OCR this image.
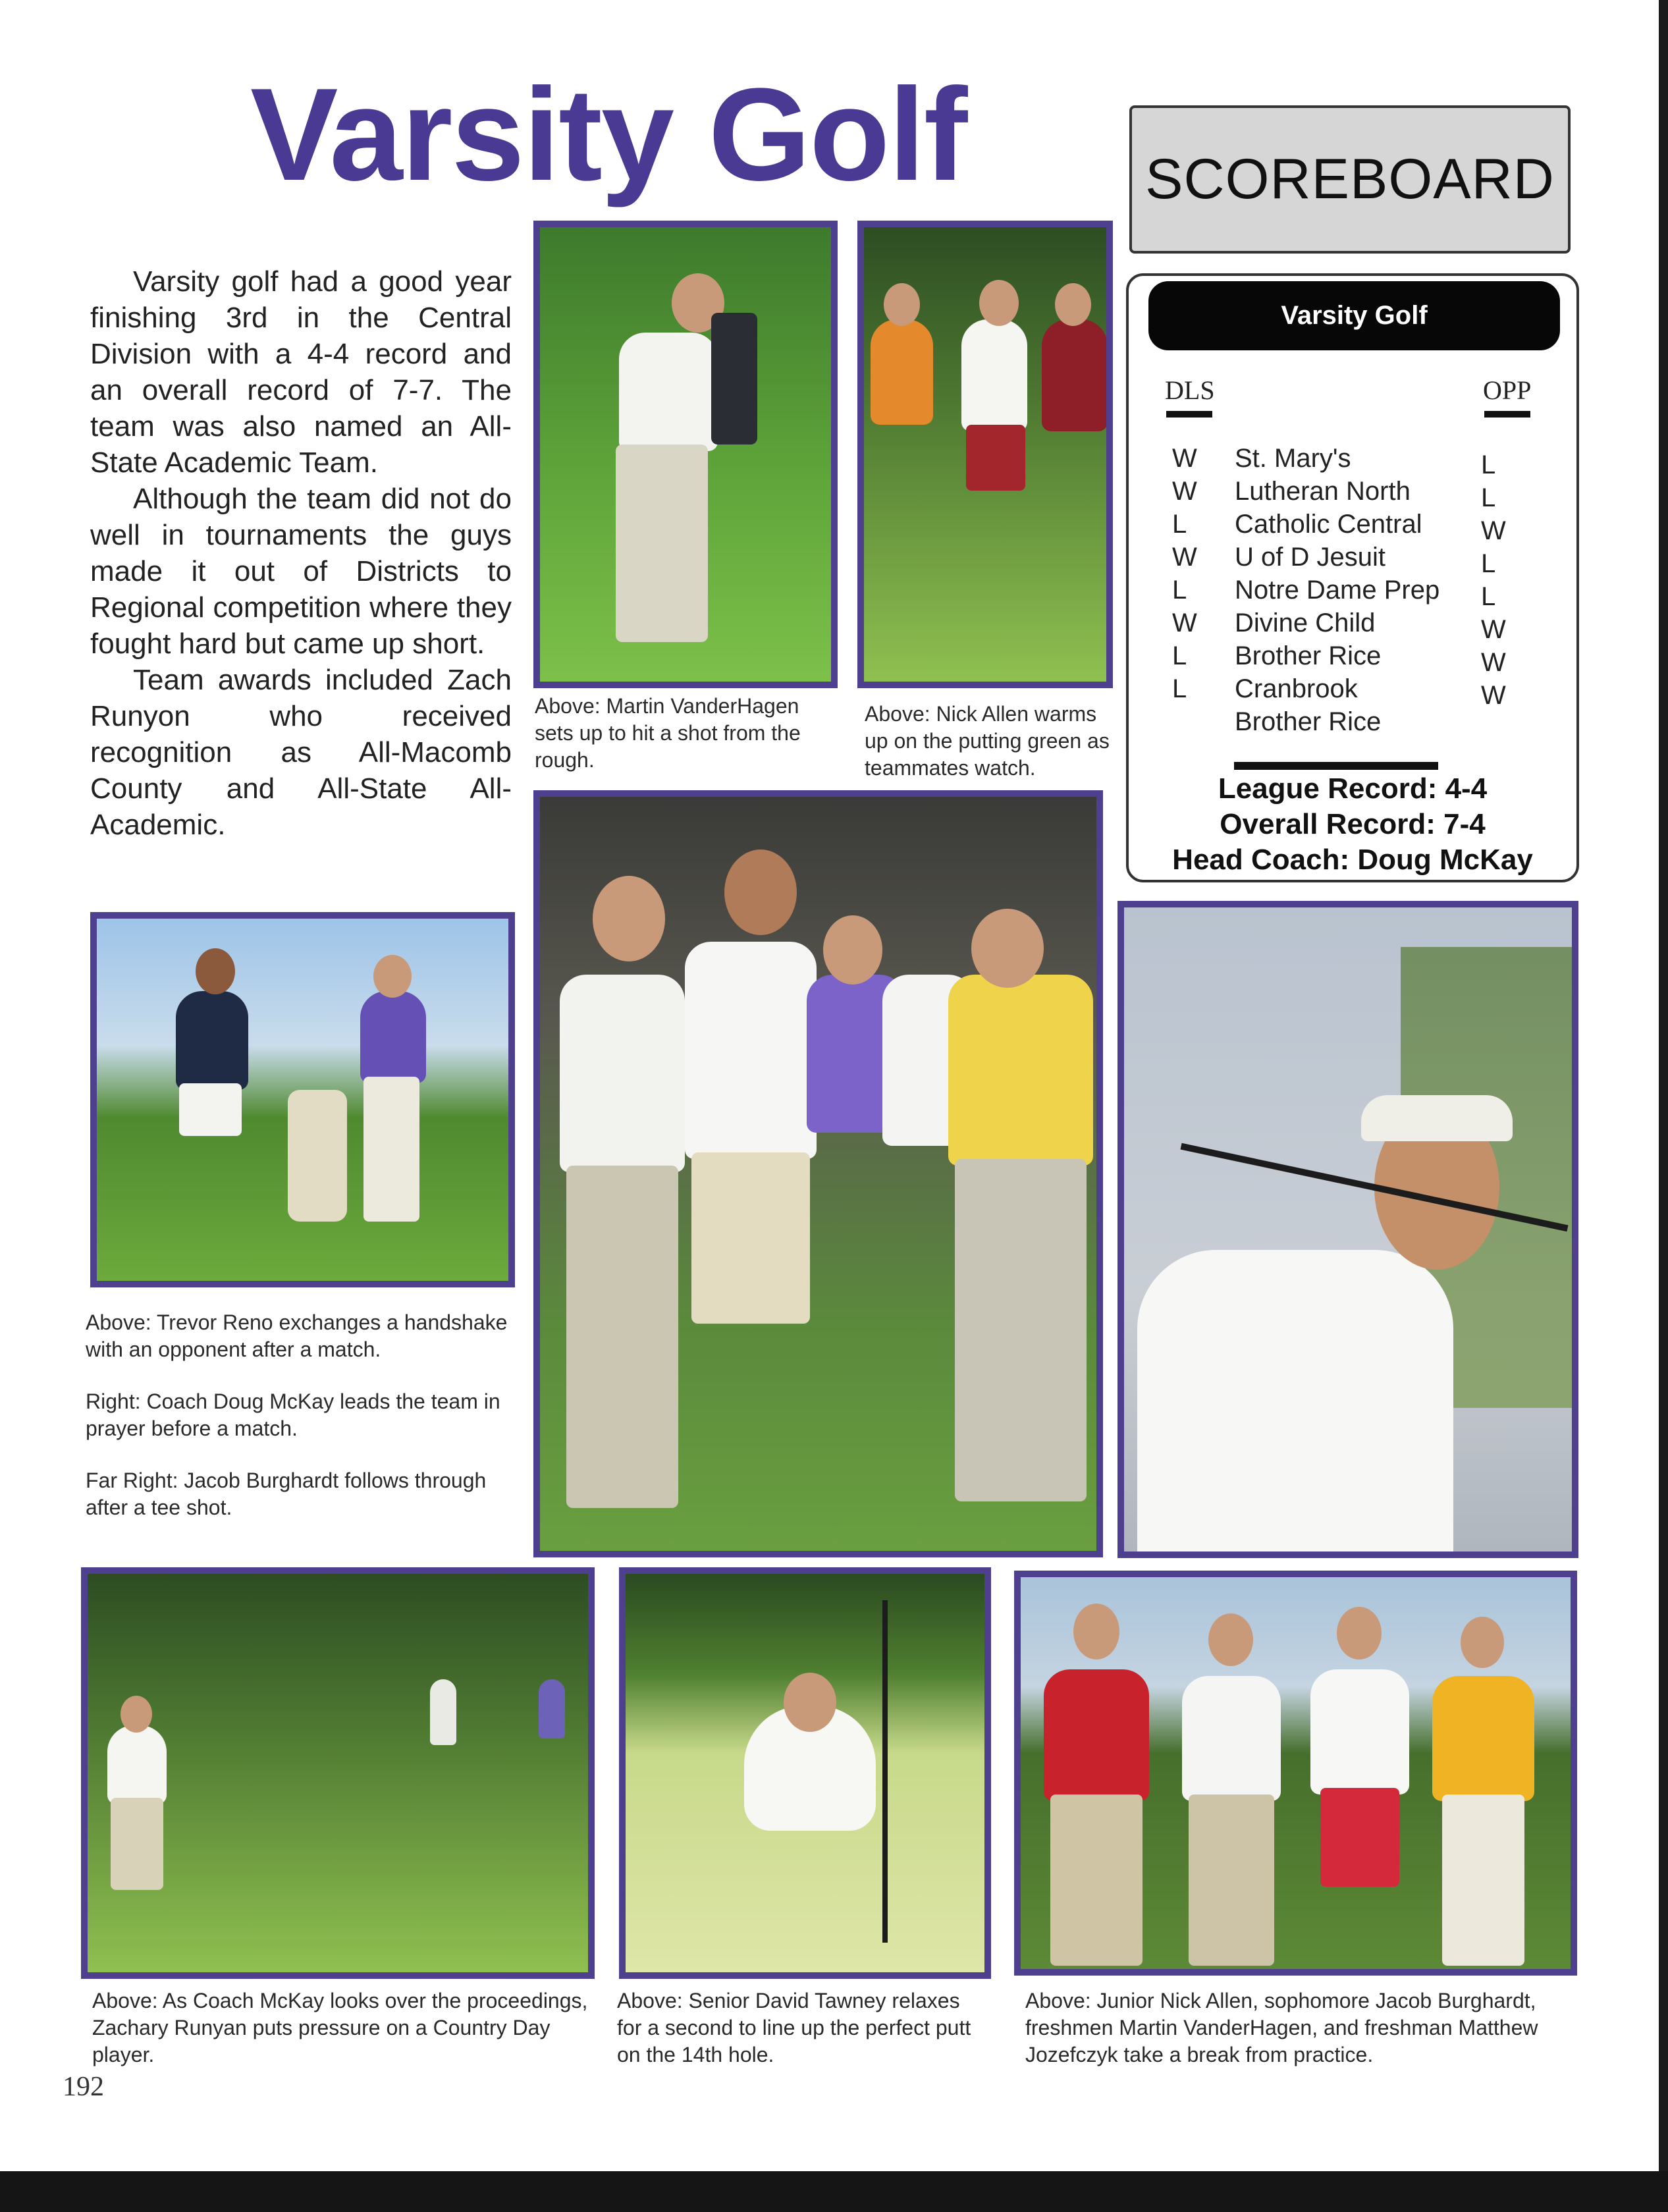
Varsity Golf	SCOREBOARD
Varsity Golf
DLS	OPP
W St. Mary's	L
W Lutheran North	L
L Catholic Central W
W U of D Jesuit	L
L Notre Dame Prep L
W Divine Child	W
L Brother Rice	W
L Cranbrook	W
Brother Rice
League Record: 4-4
Overall Record: 7-4
Head Coach: Doug McKay

Varsity golf had a good year finishing 3rd in the Central Division with a 4-4 record and an overall record of 7-7. The team was also named an All-State Academic Team.

Although the team did not do well in tournaments the guys made it out of Districts to Regional competition where they fought hard but came up short.

Team awards included Zach Runyon who received recognition as All-Macomb County and All-State All-Academic.

Above: Martin VanderHagen sets up to hit a shot from the rough.
Above: Nick Allen warms up on the putting green as teammates watch.
Above: Trevor Reno exchanges a handshake with an opponent after a match.
Right: Coach Doug McKay leads the team in prayer before a match.
Far Right: Jacob Burghardt follows through after a tee shot.
Above: As Coach McKay looks over the proceedings, Zachary Runyan puts pressure on a Country Day player.
Above: Senior David Tawney relaxes for a second to line up the perfect putt on the 14th hole.
Above: Junior Nick Allen, sophomore Jacob Burghardt, freshmen Martin VanderHagen, and freshman Matthew Jozefczyk take a break from practice.
192
